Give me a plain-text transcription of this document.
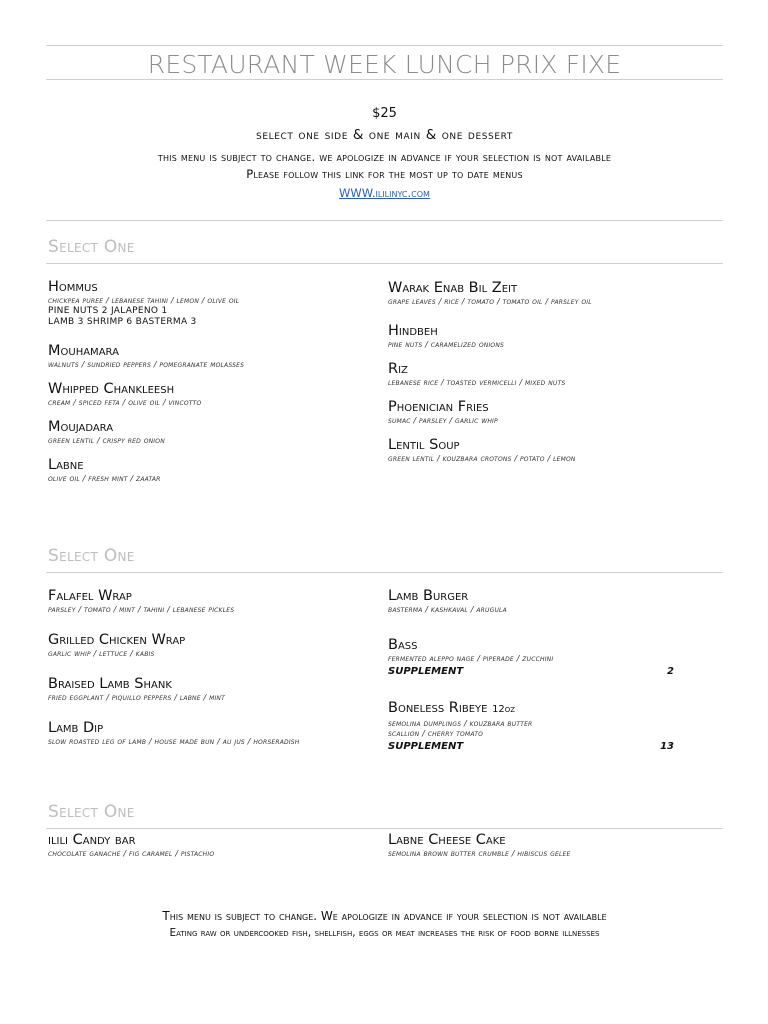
RESTAURANT WEEK LUNCH PRIX FIXE
$25
select one side & one main & one dessert
this menu is subject to change. we apologize in advance if your selection is not available
Please follow this link for the most up to date menus
WWW.ililinyc.com
Select One
Hommus
chickpea puree / lebanese tahini / lemon / olive oil
PINE NUTS 2 JALAPENO 1
LAMB 3 SHRIMP 6 BASTERMA 3
Mouhamara
walnuts / sundried peppers / pomegranate molasses
Whipped Chankleesh
cream / spiced feta / olive oil / vincotto
Moujadara
green lentil / crispy red onion
Labne
olive oil / fresh mint / zaatar
Warak Enab Bil Zeit
grape leaves / rice / tomato / tomato oil / parsley oil
Hindbeh
pine nuts / caramelized onions
Riz
lebanese rice / toasted vermicelli / mixed nuts
Phoenician Fries
sumac / parsley / garlic whip
Lentil Soup
green lentil / kouzbara crotons / potato / lemon
Select One
Falafel Wrap
parsley / tomato / mint / tahini / lebanese pickles
Grilled Chicken Wrap
garlic whip / lettuce / kabis
Braised Lamb Shank
fried eggplant / piquillo peppers / labne / mint
Lamb Dip
slow roasted leg of lamb / house made bun / au jus / horseradish
Lamb Burger
basterma / kashkaval / arugula
Bass
fermented aleppo nage / piperade / zucchini
SUPPLEMENT	2
Boneless Ribeye 12oz
semolina dumplings / kouzbara butter
scallion / cherry tomato
SUPPLEMENT	13
Select One
ilili Candy bar
chocolate ganache / fig caramel / pistachio
Labne Cheese Cake
semolina brown butter crumble / hibiscus gelee
This menu is subject to change. We apologize in advance if your selection is not available
Eating raw or undercooked fish, shellfish, eggs or meat increases the risk of food borne illnesses
